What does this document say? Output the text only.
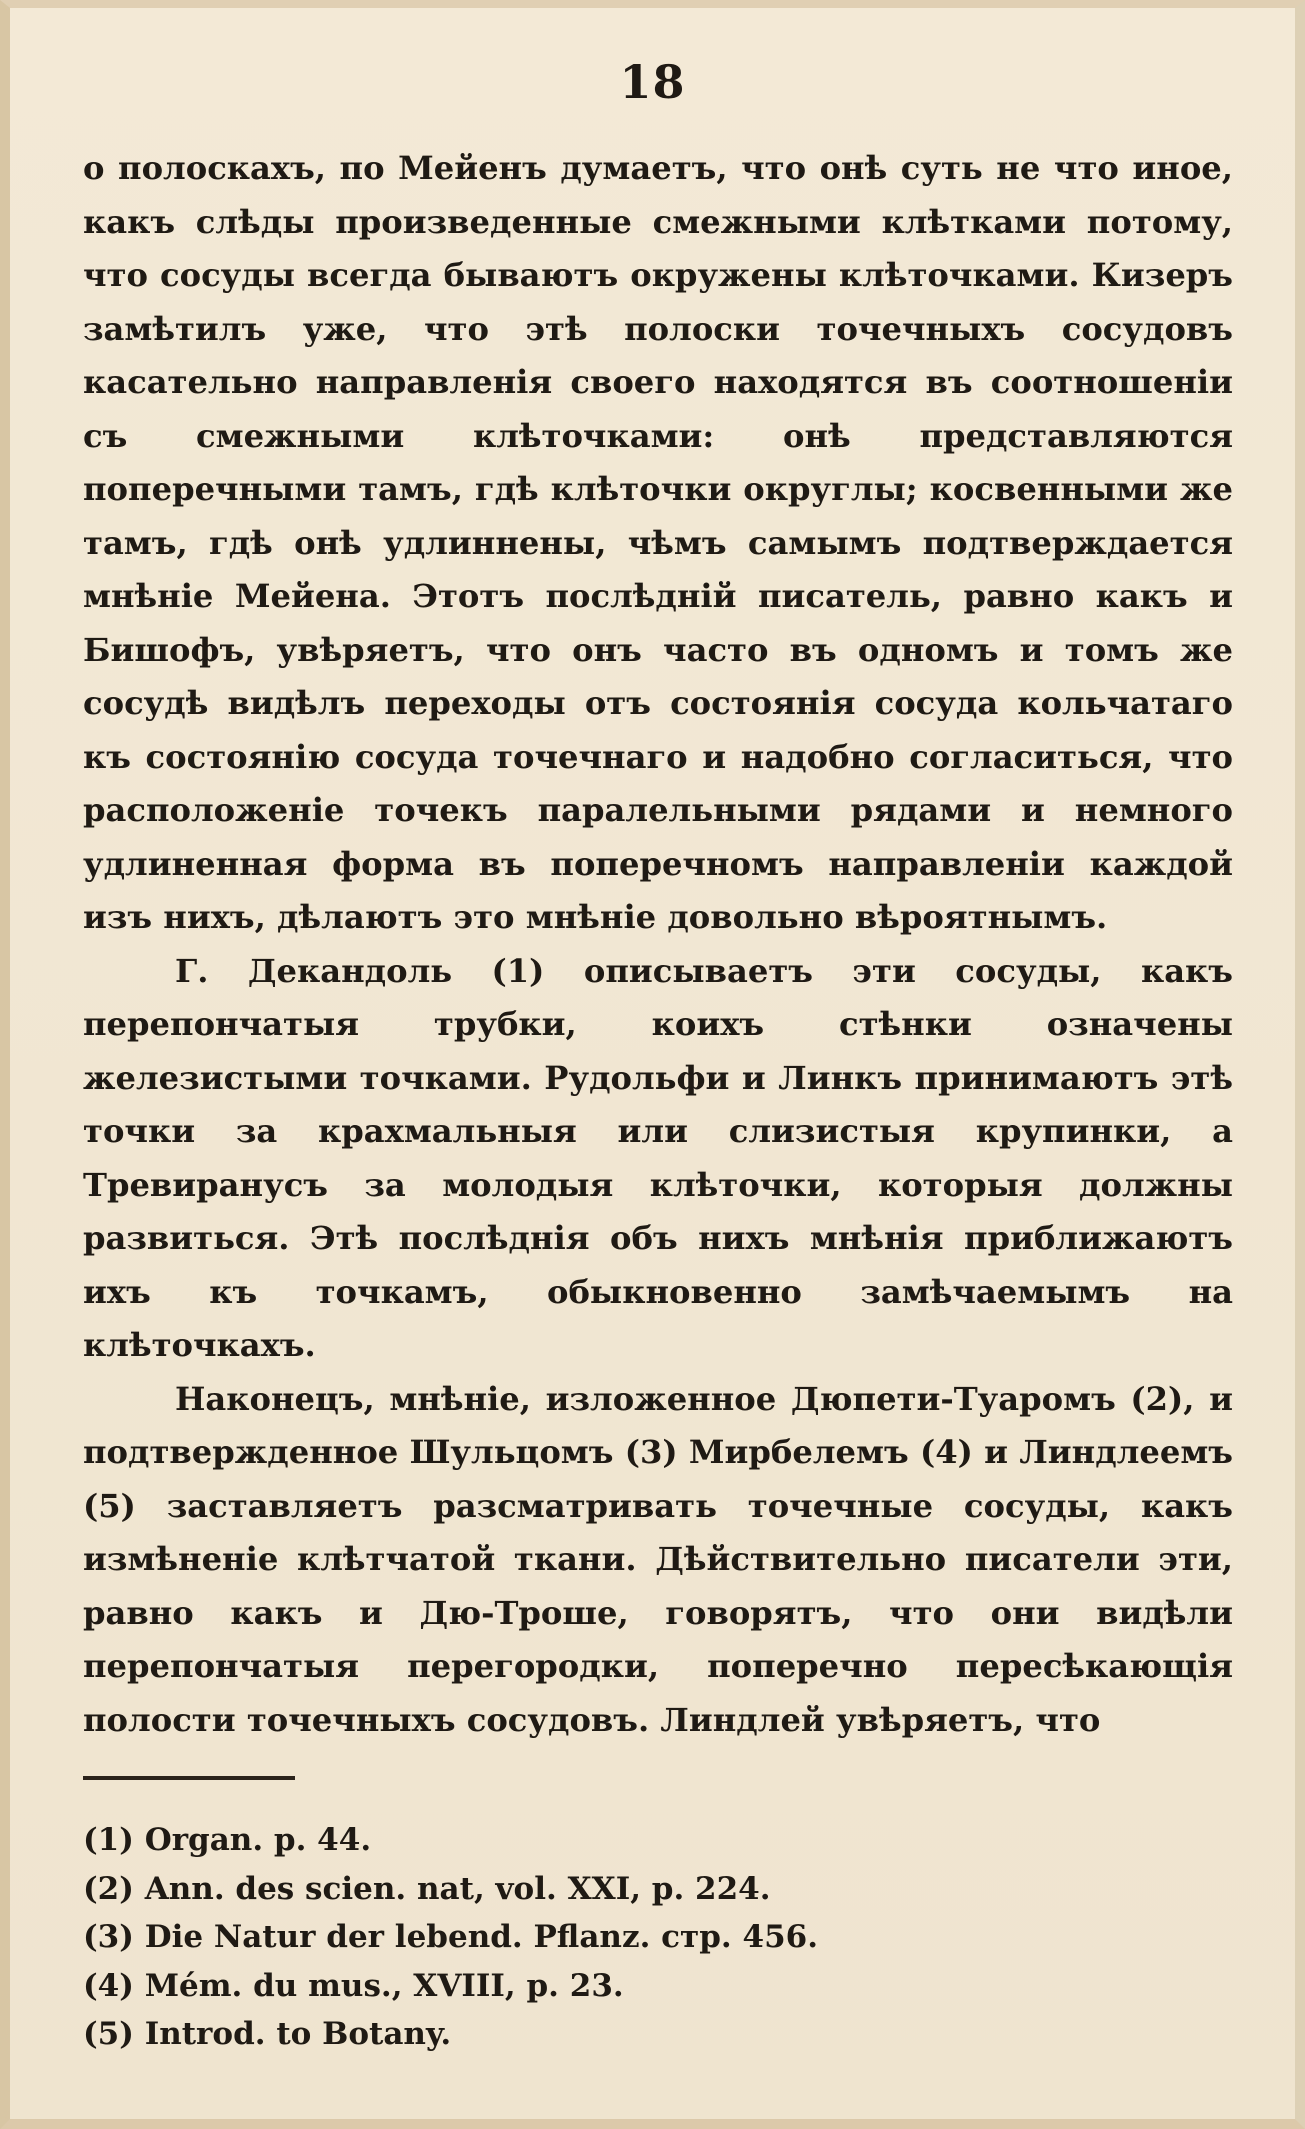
18

о полоскахъ, по Мейенъ думаетъ, что онѣ суть не что иное, какъ слѣды произведенные смежными клѣтками потому, что сосуды всегда бываютъ окружены клѣточками. Кизеръ замѣтилъ уже, что этѣ полоски точечныхъ сосудовъ касательно направленія своего находятся въ соотношеніи съ смежными клѣточками: онѣ представляются поперечными тамъ, гдѣ клѣточки округлы; косвенными же тамъ, гдѣ онѣ удлиннены, чѣмъ самымъ подтверждается мнѣніе Мейена. Этотъ послѣдній писатель, равно какъ и Бишофъ, увѣряетъ, что онъ часто въ одномъ и томъ же сосудѣ видѣлъ переходы отъ состоянія сосуда кольчатаго къ состоянію сосуда точечнаго и надобно согласиться, что расположеніе точекъ паралельными рядами и немного удлиненная форма въ поперечномъ направленіи каждой изъ нихъ, дѣлаютъ это мнѣніе довольно вѣроятнымъ.

Г. Декандоль (1) описываетъ эти сосуды, какъ перепончатыя трубки, коихъ стѣнки означены железистыми точками. Рудольфи и Линкъ принимаютъ этѣ точки за крахмальныя или слизистыя крупинки, а Тревиранусъ за молодыя клѣточки, которыя должны развиться. Этѣ послѣднія объ нихъ мнѣнія приближаютъ ихъ къ точкамъ, обыкновенно замѣчаемымъ на клѣточкахъ.

Наконецъ, мнѣніе, изложенное Дюпети-Туаромъ (2), и подтвержденное Шульцомъ (3) Мирбелемъ (4) и Линдлеемъ (5) заставляетъ разсматривать точечные сосуды, какъ измѣненіе клѣтчатой ткани. Дѣйствительно писатели эти, равно какъ и Дю-Троше, говорятъ, что они видѣли перепончатыя перегородки, поперечно пересѣкающія полости точечныхъ сосудовъ. Линдлей увѣряетъ, что

(1) Organ. p. 44.
(2) Ann. des scien. nat, vol. XXI, p. 224.
(3) Die Natur der lebend. Pflanz. стр. 456.
(4) Mém. du mus., XVIII, p. 23.
(5) Introd. to Botany.
